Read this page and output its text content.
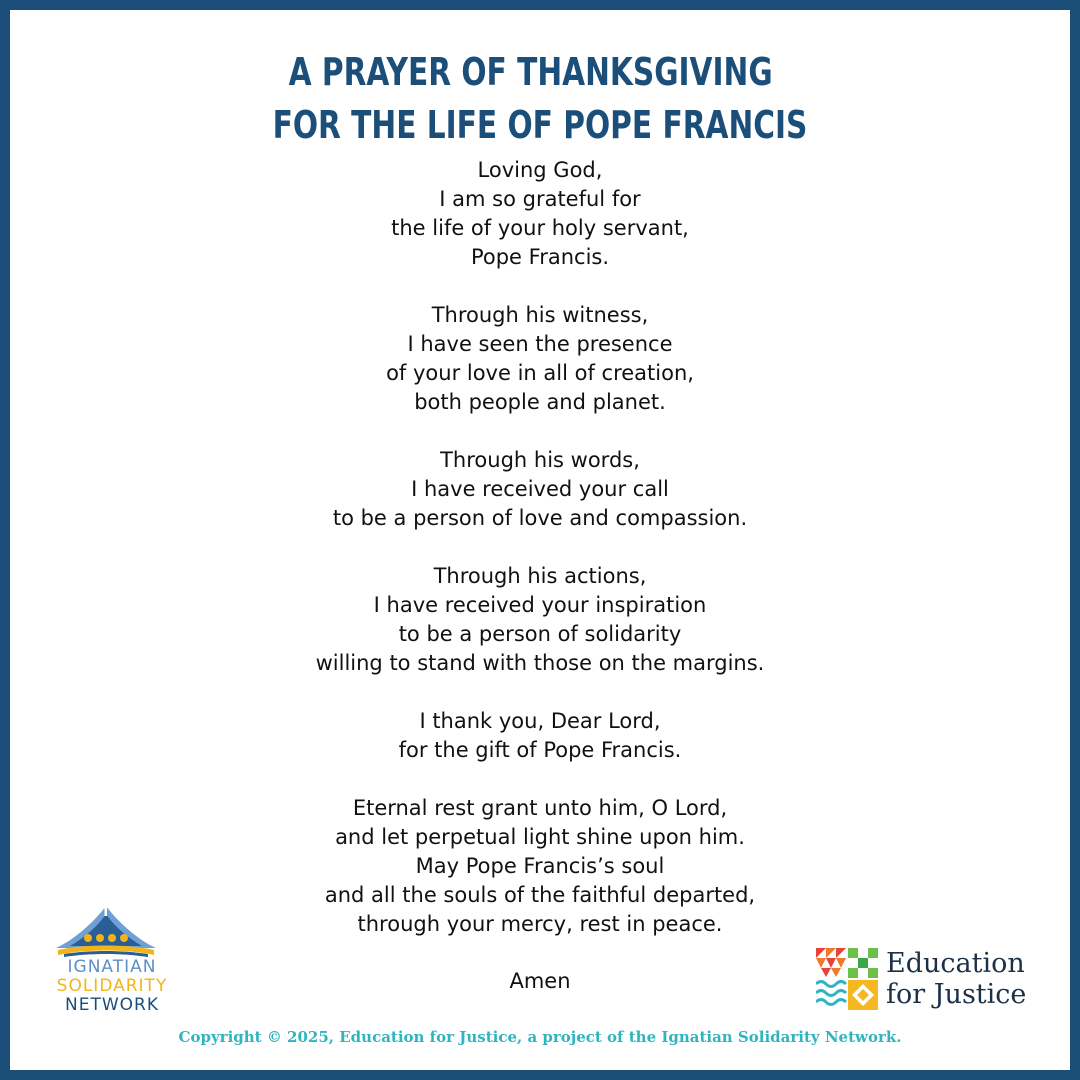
A PRAYER OF THANKSGIVING
FOR THE LIFE OF POPE FRANCIS
Loving God,
I am so grateful for
the life of your holy servant,
Pope Francis.
Through his witness,
I have seen the presence
of your love in all of creation,
both people and planet.
Through his words,
I have received your call
to be a person of love and compassion.
Through his actions,
I have received your inspiration
to be a person of solidarity
willing to stand with those on the margins.
I thank you, Dear Lord,
for the gift of Pope Francis.
Eternal rest grant unto him, O Lord,
and let perpetual light shine upon him.
May Pope Francis’s soul
and all the souls of the faithful departed,
through your mercy, rest in peace.
Amen
IGNATIAN
SOLIDARITY
NETWORK
Education
for Justice
Copyright © 2025, Education for Justice, a project of the Ignatian Solidarity Network.
